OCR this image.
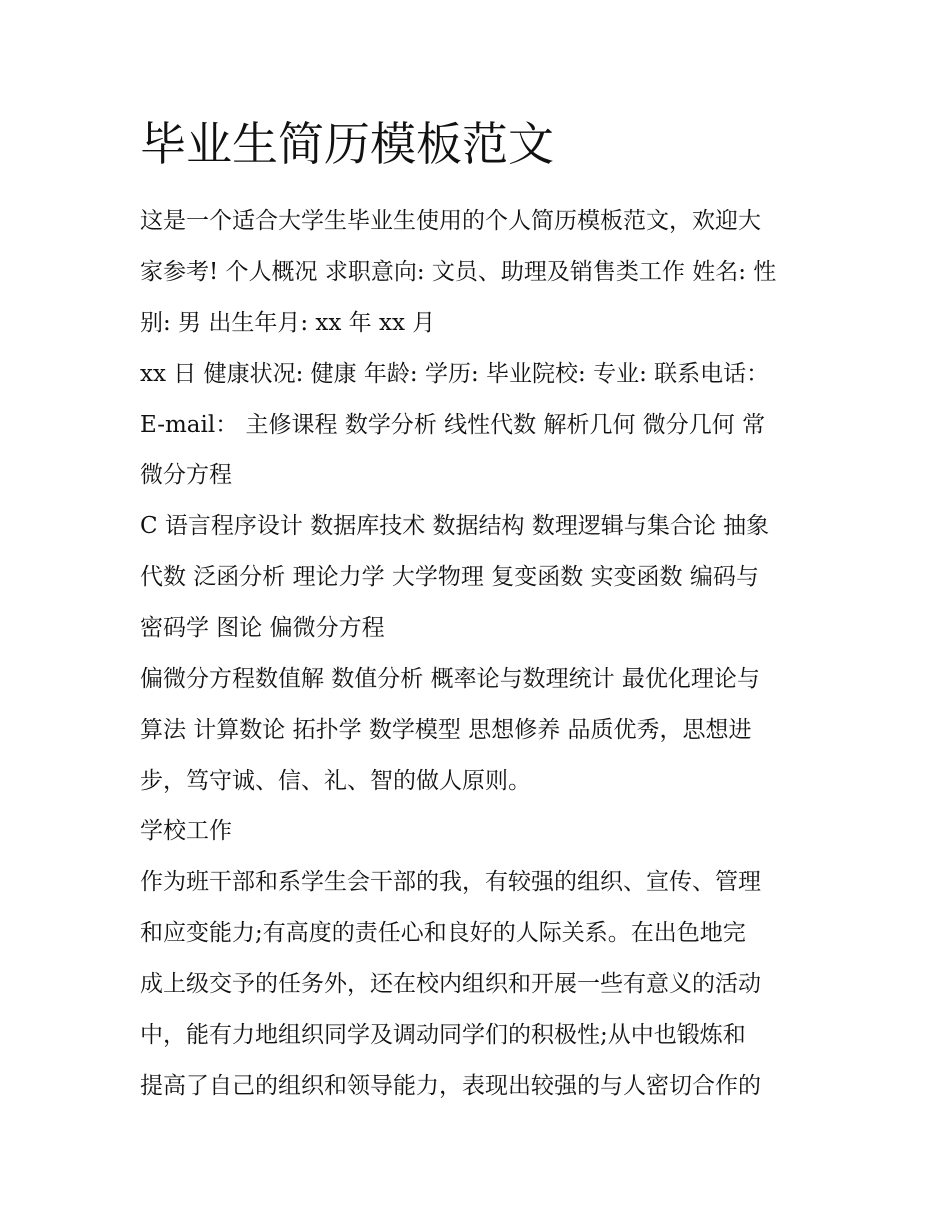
毕业生简历模板范文

这是一个适合大学生毕业生使用的个人简历模板范文，欢迎大

家参考! 个人概况 求职意向: 文员、助理及销售类工作 姓名: 性

别: 男 出生年月: xx 年 xx 月

xx 日 健康状况: 健康 年龄: 学历: 毕业院校: 专业: 联系电话：

E-mail： 主修课程 数学分析 线性代数 解析几何 微分几何 常

微分方程

C 语言程序设计 数据库技术 数据结构 数理逻辑与集合论 抽象

代数 泛函分析 理论力学 大学物理 复变函数 实变函数 编码与

密码学 图论 偏微分方程

偏微分方程数值解 数值分析 概率论与数理统计 最优化理论与

算法 计算数论 拓扑学 数学模型 思想修养 品质优秀，思想进

步，笃守诚、信、礼、智的做人原则。

学校工作

作为班干部和系学生会干部的我，有较强的组织、宣传、管理

和应变能力;有高度的责任心和良好的人际关系。在出色地完

成上级交予的任务外，还在校内组织和开展一些有意义的活动

中，能有力地组织同学及调动同学们的积极性;从中也锻炼和

提高了自己的组织和领导能力，表现出较强的与人密切合作的
